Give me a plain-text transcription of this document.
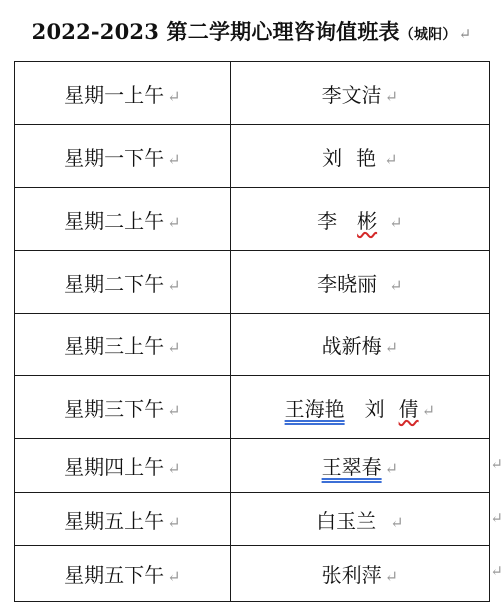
2022-2023 第二学期心理咨询值班表（城阳） ↵
星期一上午 ↵	李文洁 ↵
星期一下午 ↵	刘 艳 ↵
星期二上午 ↵	李 彬 ↵
星期二下午 ↵	李晓丽 ↵
星期三上午 ↵	战新梅 ↵
星期三下午 ↵	王海艳 刘 倩 ↵
星期四上午 ↵	王翠春 ↵
星期五上午 ↵	白玉兰 ↵
星期五下午 ↵	张利萍 ↵
↵
↵
↵
